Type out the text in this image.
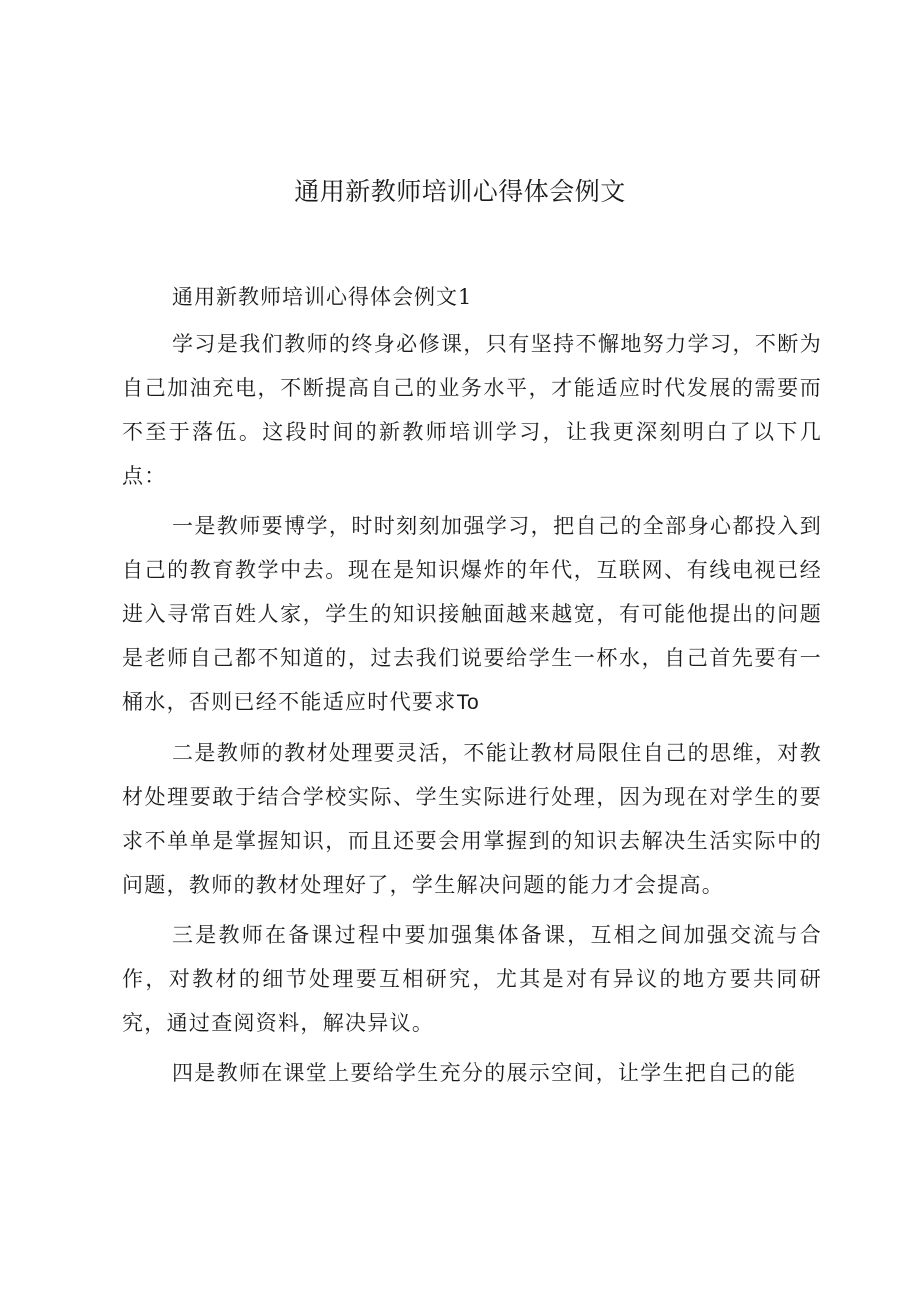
通用新教师培训心得体会例文

通用新教师培训心得体会例文1

学习是我们教师的终身必修课，只有坚持不懈地努力学习，不断为自己加油充电，不断提高自己的业务水平，才能适应时代发展的需要而不至于落伍。这段时间的新教师培训学习，让我更深刻明白了以下几点：

一是教师要博学，时时刻刻加强学习，把自己的全部身心都投入到自己的教育教学中去。现在是知识爆炸的年代，互联网、有线电视已经进入寻常百姓人家，学生的知识接触面越来越宽，有可能他提出的问题是老师自己都不知道的，过去我们说要给学生一杯水，自己首先要有一桶水，否则已经不能适应时代要求To

二是教师的教材处理要灵活，不能让教材局限住自己的思维，对教材处理要敢于结合学校实际、学生实际进行处理，因为现在对学生的要求不单单是掌握知识，而且还要会用掌握到的知识去解决生活实际中的问题，教师的教材处理好了，学生解决问题的能力才会提高。

三是教师在备课过程中要加强集体备课，互相之间加强交流与合作，对教材的细节处理要互相研究，尤其是对有异议的地方要共同研究，通过查阅资料，解决异议。

四是教师在课堂上要给学生充分的展示空间，让学生把自己的能
